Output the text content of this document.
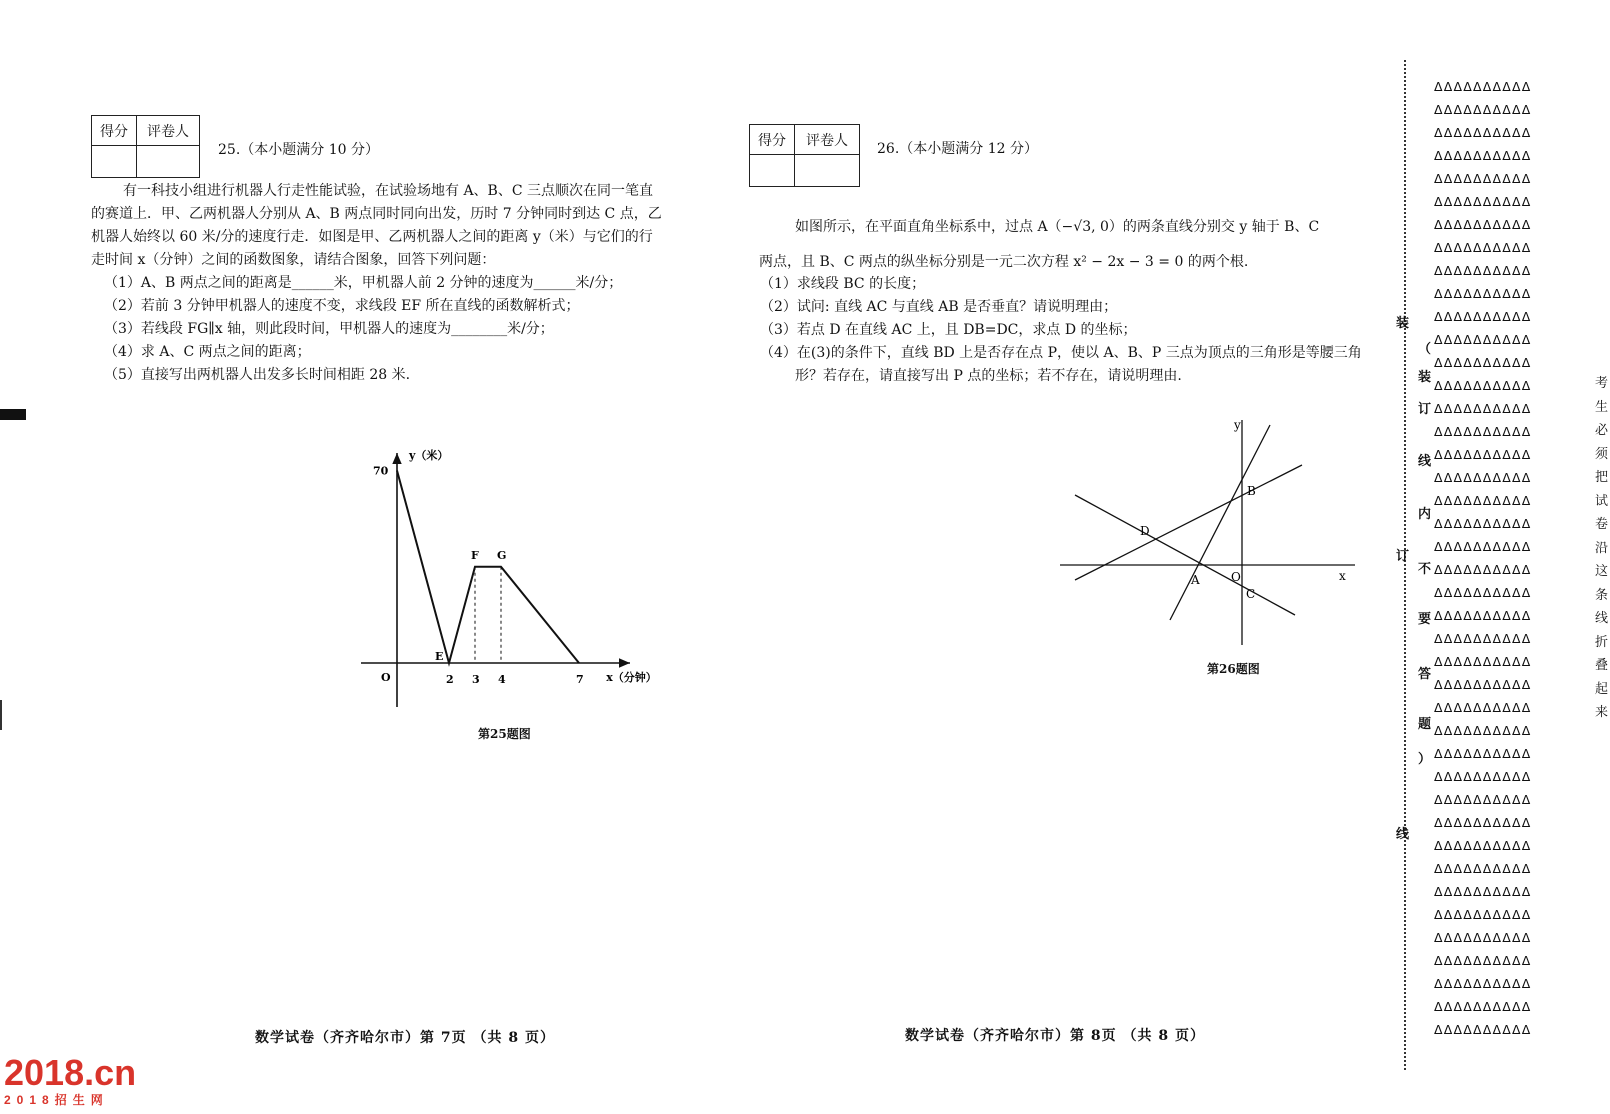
得分	评卷人

25.（本小题满分 10 分）
有一科技小组进行机器人行走性能试验，在试验场地有 A、B、C 三点顺次在同一笔直
的赛道上．甲、乙两机器人分别从 A、B 两点同时同向出发，历时 7 分钟同时到达 C 点，乙
机器人始终以 60 米/分的速度行走．如图是甲、乙两机器人之间的距离 y（米）与它们的行
走时间 x（分钟）之间的函数图象，请结合图象，回答下列问题：
（1）A、B 两点之间的距离是______米，甲机器人前 2 分钟的速度为______米/分；
（2）若前 3 分钟甲机器人的速度不变，求线段 EF 所在直线的函数解析式；
（3）若线段 FG∥x 轴，则此段时间，甲机器人的速度为________米/分；
（4）求 A、C 两点之间的距离；
（5）直接写出两机器人出发多长时间相距 28 米.
E
F G
2 3 4	7
70
O	x（分钟）
y（米）
第25题图
数学试卷（齐齐哈尔市）第 7页 （共 8 页）
得分	评卷人

26.（本小题满分 12 分）
如图所示，在平面直角坐标系中，过点 A（−√3, 0）的两条直线分别交 y 轴于 B、C
两点，且 B、C 两点的纵坐标分别是一元二次方程 x² − 2x − 3 = 0 的两个根.
（1）求线段 BC 的长度；
（2）试问: 直线 AC 与直线 AB 是否垂直？请说明理由；
（3）若点 D 在直线 AC 上，且 DB=DC，求点 D 的坐标；
（4）在(3)的条件下，直线 BD 上是否存在点 P，使以 A、B、P 三点为顶点的三角形是等腰三角
形？若存在，请直接写出 P 点的坐标；若不存在，请说明理由.
y
x
B
D
A	O
C
第26题图
数学试卷（齐齐哈尔市）第 8页 （共 8 页）
装
订
线
（
装
订
线
内
不
要
答
题
）
ΔΔΔΔΔΔΔΔΔΔ
ΔΔΔΔΔΔΔΔΔΔ
ΔΔΔΔΔΔΔΔΔΔ
ΔΔΔΔΔΔΔΔΔΔ
ΔΔΔΔΔΔΔΔΔΔ
ΔΔΔΔΔΔΔΔΔΔ
ΔΔΔΔΔΔΔΔΔΔ
ΔΔΔΔΔΔΔΔΔΔ
ΔΔΔΔΔΔΔΔΔΔ
ΔΔΔΔΔΔΔΔΔΔ
ΔΔΔΔΔΔΔΔΔΔ
ΔΔΔΔΔΔΔΔΔΔ
ΔΔΔΔΔΔΔΔΔΔ
ΔΔΔΔΔΔΔΔΔΔ
ΔΔΔΔΔΔΔΔΔΔ
ΔΔΔΔΔΔΔΔΔΔ
ΔΔΔΔΔΔΔΔΔΔ
ΔΔΔΔΔΔΔΔΔΔ
ΔΔΔΔΔΔΔΔΔΔ
ΔΔΔΔΔΔΔΔΔΔ
ΔΔΔΔΔΔΔΔΔΔ
ΔΔΔΔΔΔΔΔΔΔ
ΔΔΔΔΔΔΔΔΔΔ
ΔΔΔΔΔΔΔΔΔΔ
ΔΔΔΔΔΔΔΔΔΔ
ΔΔΔΔΔΔΔΔΔΔ
ΔΔΔΔΔΔΔΔΔΔ
ΔΔΔΔΔΔΔΔΔΔ
ΔΔΔΔΔΔΔΔΔΔ
ΔΔΔΔΔΔΔΔΔΔ
ΔΔΔΔΔΔΔΔΔΔ
ΔΔΔΔΔΔΔΔΔΔ
ΔΔΔΔΔΔΔΔΔΔ
ΔΔΔΔΔΔΔΔΔΔ
ΔΔΔΔΔΔΔΔΔΔ
ΔΔΔΔΔΔΔΔΔΔ
ΔΔΔΔΔΔΔΔΔΔ
ΔΔΔΔΔΔΔΔΔΔ
ΔΔΔΔΔΔΔΔΔΔ
ΔΔΔΔΔΔΔΔΔΔ
ΔΔΔΔΔΔΔΔΔΔ
ΔΔΔΔΔΔΔΔΔΔ
考
生
必
须
把
试
卷
沿
这
条
线
折
叠
起
来
2018.cn
2018招生网
